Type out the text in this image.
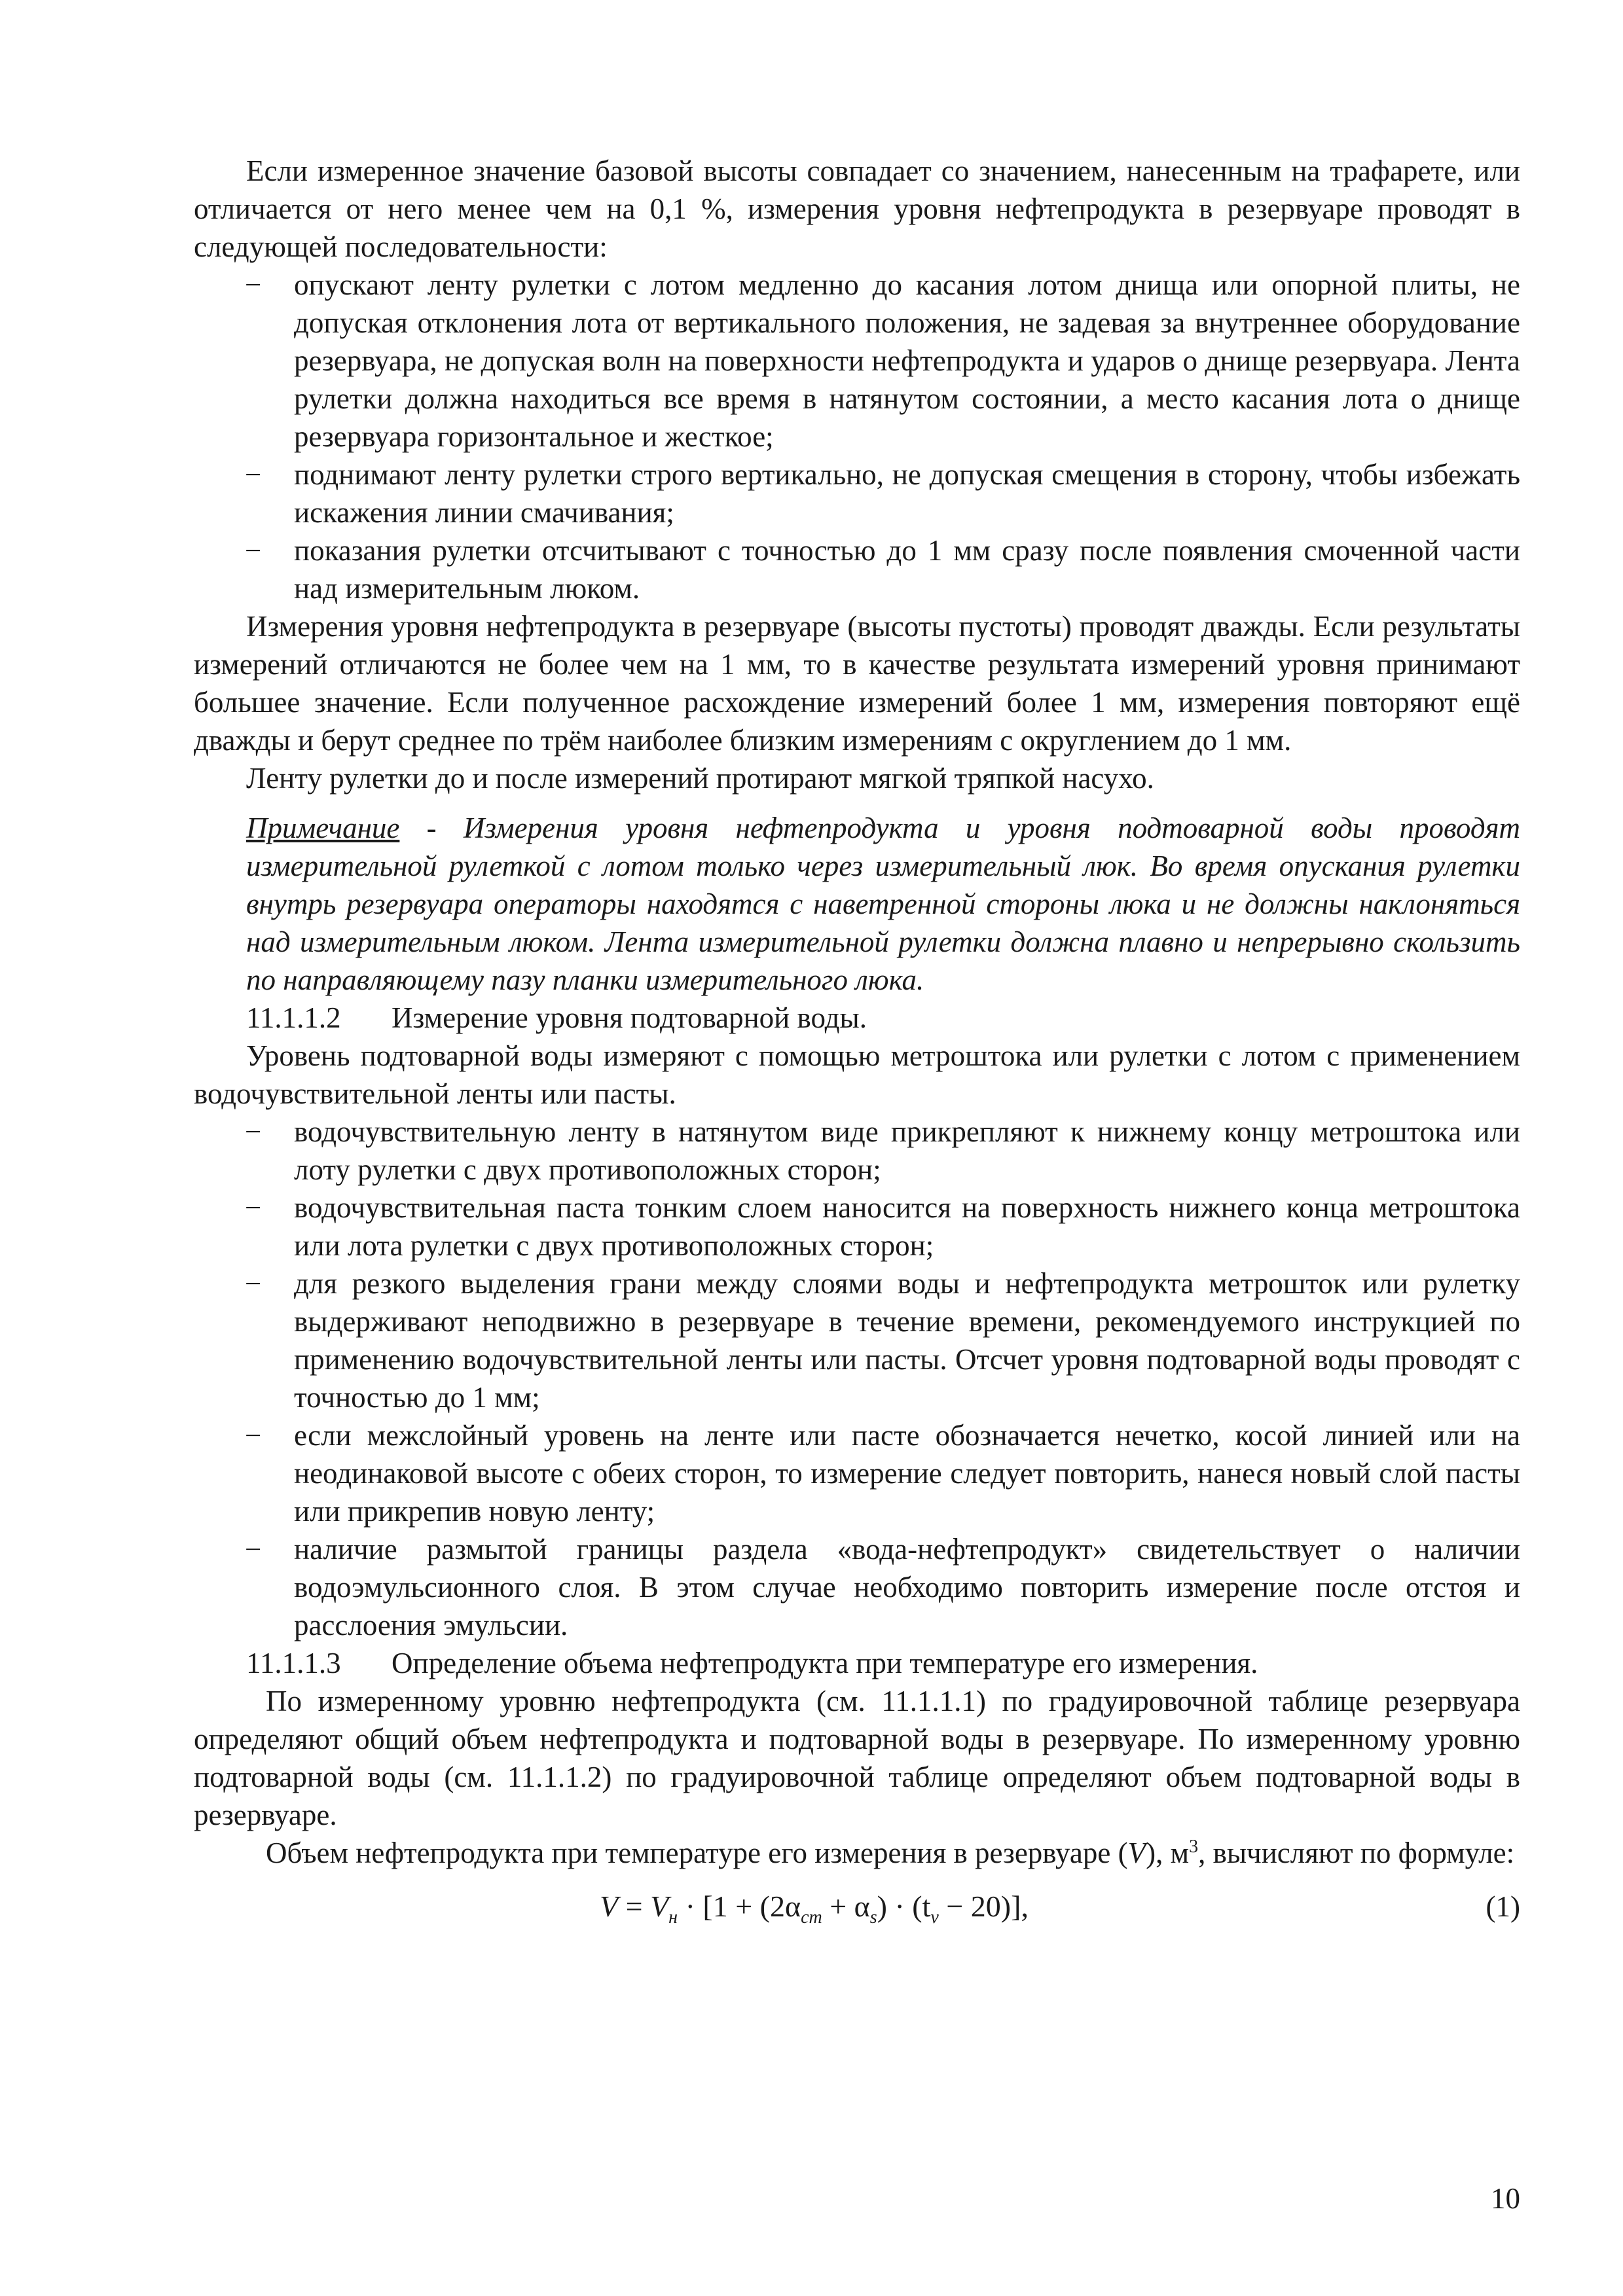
Если измеренное значение базовой высоты совпадает со значением, нанесенным на трафарете, или отличается от него менее чем на 0,1 %, измерения уровня нефтепродукта в резервуаре проводят в следующей последовательности:

− опускают ленту рулетки с лотом медленно до касания лотом днища или опорной плиты, не допуская отклонения лота от вертикального положения, не задевая за внутреннее оборудование резервуара, не допуская волн на поверхности нефтепродукта и ударов о днище резервуара. Лента рулетки должна находиться все время в натянутом состоянии, а место касания лота о днище резервуара горизонтальное и жесткое;
− поднимают ленту рулетки строго вертикально, не допуская смещения в сторону, чтобы избежать искажения линии смачивания;
− показания рулетки отсчитывают с точностью до 1 мм сразу после появления смоченной части над измерительным люком.

Измерения уровня нефтепродукта в резервуаре (высоты пустоты) проводят дважды. Если результаты измерений отличаются не более чем на 1 мм, то в качестве результата измерений уровня принимают большее значение. Если полученное расхождение измерений более 1 мм, измерения повторяют ещё дважды и берут среднее по трём наиболее близким измерениям с округлением до 1 мм.

Ленту рулетки до и после измерений протирают мягкой тряпкой насухо.

Примечание - Измерения уровня нефтепродукта и уровня подтоварной воды проводят измерительной рулеткой с лотом только через измерительный люк. Во время опускания рулетки внутрь резервуара операторы находятся с наветренной стороны люка и не должны наклоняться над измерительным люком. Лента измерительной рулетки должна плавно и непрерывно скользить по направляющему пазу планки измерительного люка.

11.1.1.2 Измерение уровня подтоварной воды.

Уровень подтоварной воды измеряют с помощью метроштока или рулетки с лотом с применением водочувствительной ленты или пасты.

− водочувствительную ленту в натянутом виде прикрепляют к нижнему концу метроштока или лоту рулетки с двух противоположных сторон;
− водочувствительная паста тонким слоем наносится на поверхность нижнего конца метроштока или лота рулетки с двух противоположных сторон;
− для резкого выделения грани между слоями воды и нефтепродукта метрошток или рулетку выдерживают неподвижно в резервуаре в течение времени, рекомендуемого инструкцией по применению водочувствительной ленты или пасты. Отсчет уровня подтоварной воды проводят с точностью до 1 мм;
− если межслойный уровень на ленте или пасте обозначается нечетко, косой линией или на неодинаковой высоте с обеих сторон, то измерение следует повторить, нанеся новый слой пасты или прикрепив новую ленту;
− наличие размытой границы раздела «вода-нефтепродукт» свидетельствует о наличии водоэмульсионного слоя. В этом случае необходимо повторить измерение после отстоя и расслоения эмульсии.

11.1.1.3 Определение объема нефтепродукта при температуре его измерения.

По измеренному уровню нефтепродукта (см. 11.1.1.1) по градуировочной таблице резервуара определяют общий объем нефтепродукта и подтоварной воды в резервуаре. По измеренному уровню подтоварной воды (см. 11.1.1.2) по градуировочной таблице определяют объем подтоварной воды в резервуаре.

Объем нефтепродукта при температуре его измерения в резервуаре (V), $м^3$, вычисляют по формуле:

$V = V_н \cdot [1 + (2\alpha_{ст} + \alpha_s) \cdot (t_v - 20)]$,	(1)
10
